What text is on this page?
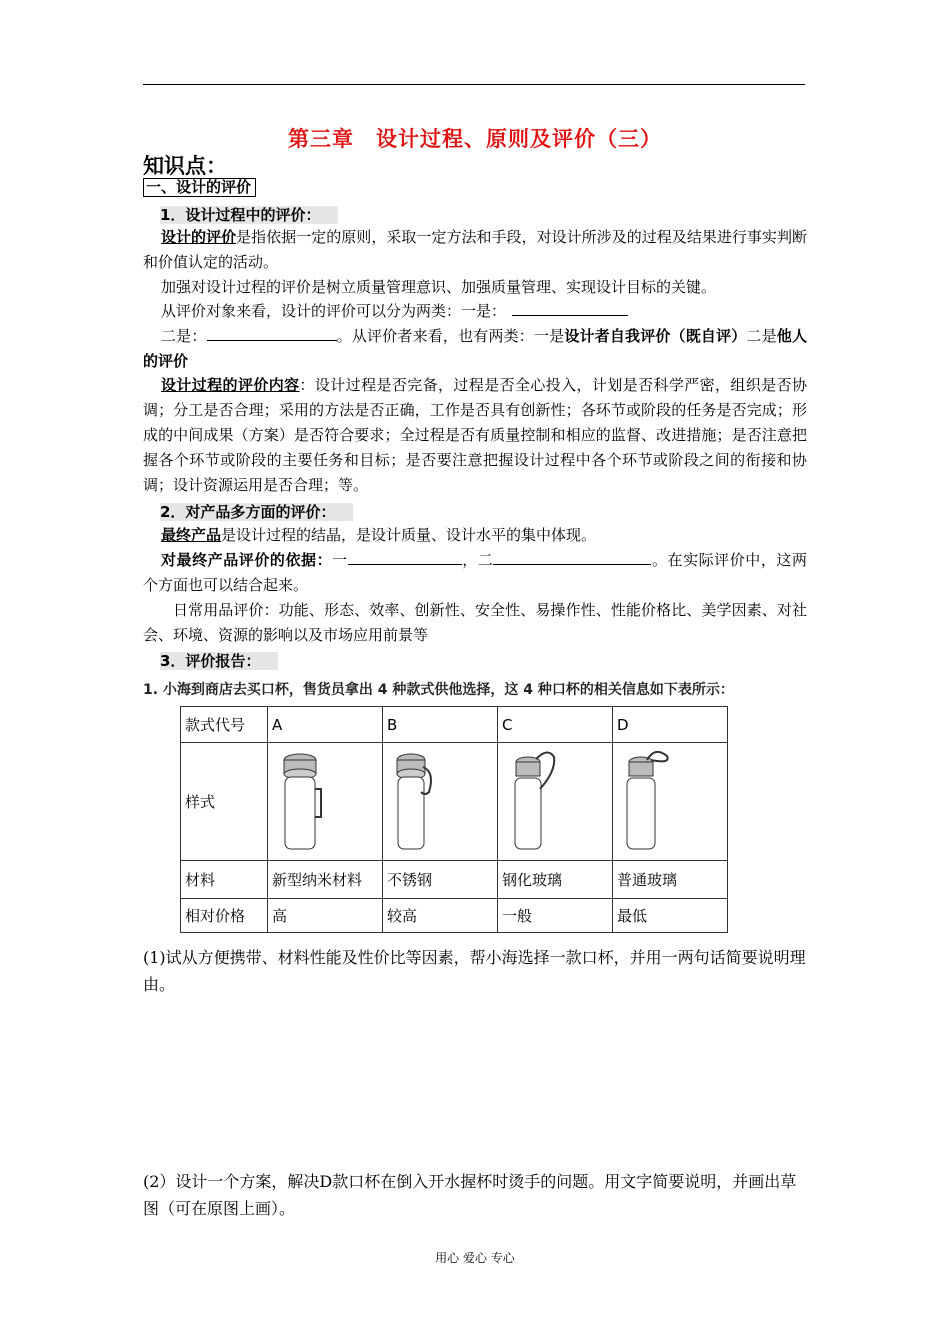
第三章　设计过程、原则及评价（三）
知识点：
一、设计的评价
1．设计过程中的评价：
设计的评价是指依据一定的原则，采取一定方法和手段，对设计所涉及的过程及结果进行事实判断和价值认定的活动。
加强对设计过程的评价是树立质量管理意识、加强质量管理、实现设计目标的关键。
从评价对象来看，设计的评价可以分为两类：一是：
二是：	。从评价者来看，也有两类：一是设计者自我评价（既自评）二是他人的评价
设计过程的评价内容：设计过程是否完备，过程是否全心投入，计划是否科学严密，组织是否协调；分工是否合理；采用的方法是否正确，工作是否具有创新性；各环节或阶段的任务是否完成；形成的中间成果（方案）是否符合要求；全过程是否有质量控制和相应的监督、改进措施；是否注意把握各个环节或阶段的主要任务和目标；是否要注意把握设计过程中各个环节或阶段之间的衔接和协调；设计资源运用是否合理；等。
2．对产品多方面的评价：
最终产品是设计过程的结晶，是设计质量、设计水平的集中体现。
对最终产品评价的依据：一	，二	。在实际评价中，这两个方面也可以结合起来。
日常用品评价：功能、形态、效率、创新性、安全性、易操作性、性能价格比、美学因素、对社会、环境、资源的影响以及市场应用前景等
3．评价报告：
1. 小海到商店去买口杯，售货员拿出 4 种款式供他选择，这 4 种口杯的相关信息如下表所示：
款式代号	A	B	C	D
样式	

材料	新型纳米材料	不锈钢	钢化玻璃	普通玻璃
相对价格	高	较高	一般	最低
(1)试从方便携带、材料性能及性价比等因素，帮小海选择一款口杯，并用一两句话简要说明理由。
(2）设计一个方案，解决D款口杯在倒入开水握杯时烫手的问题。用文字简要说明，并画出草图（可在原图上画）。
用心 爱心 专心
